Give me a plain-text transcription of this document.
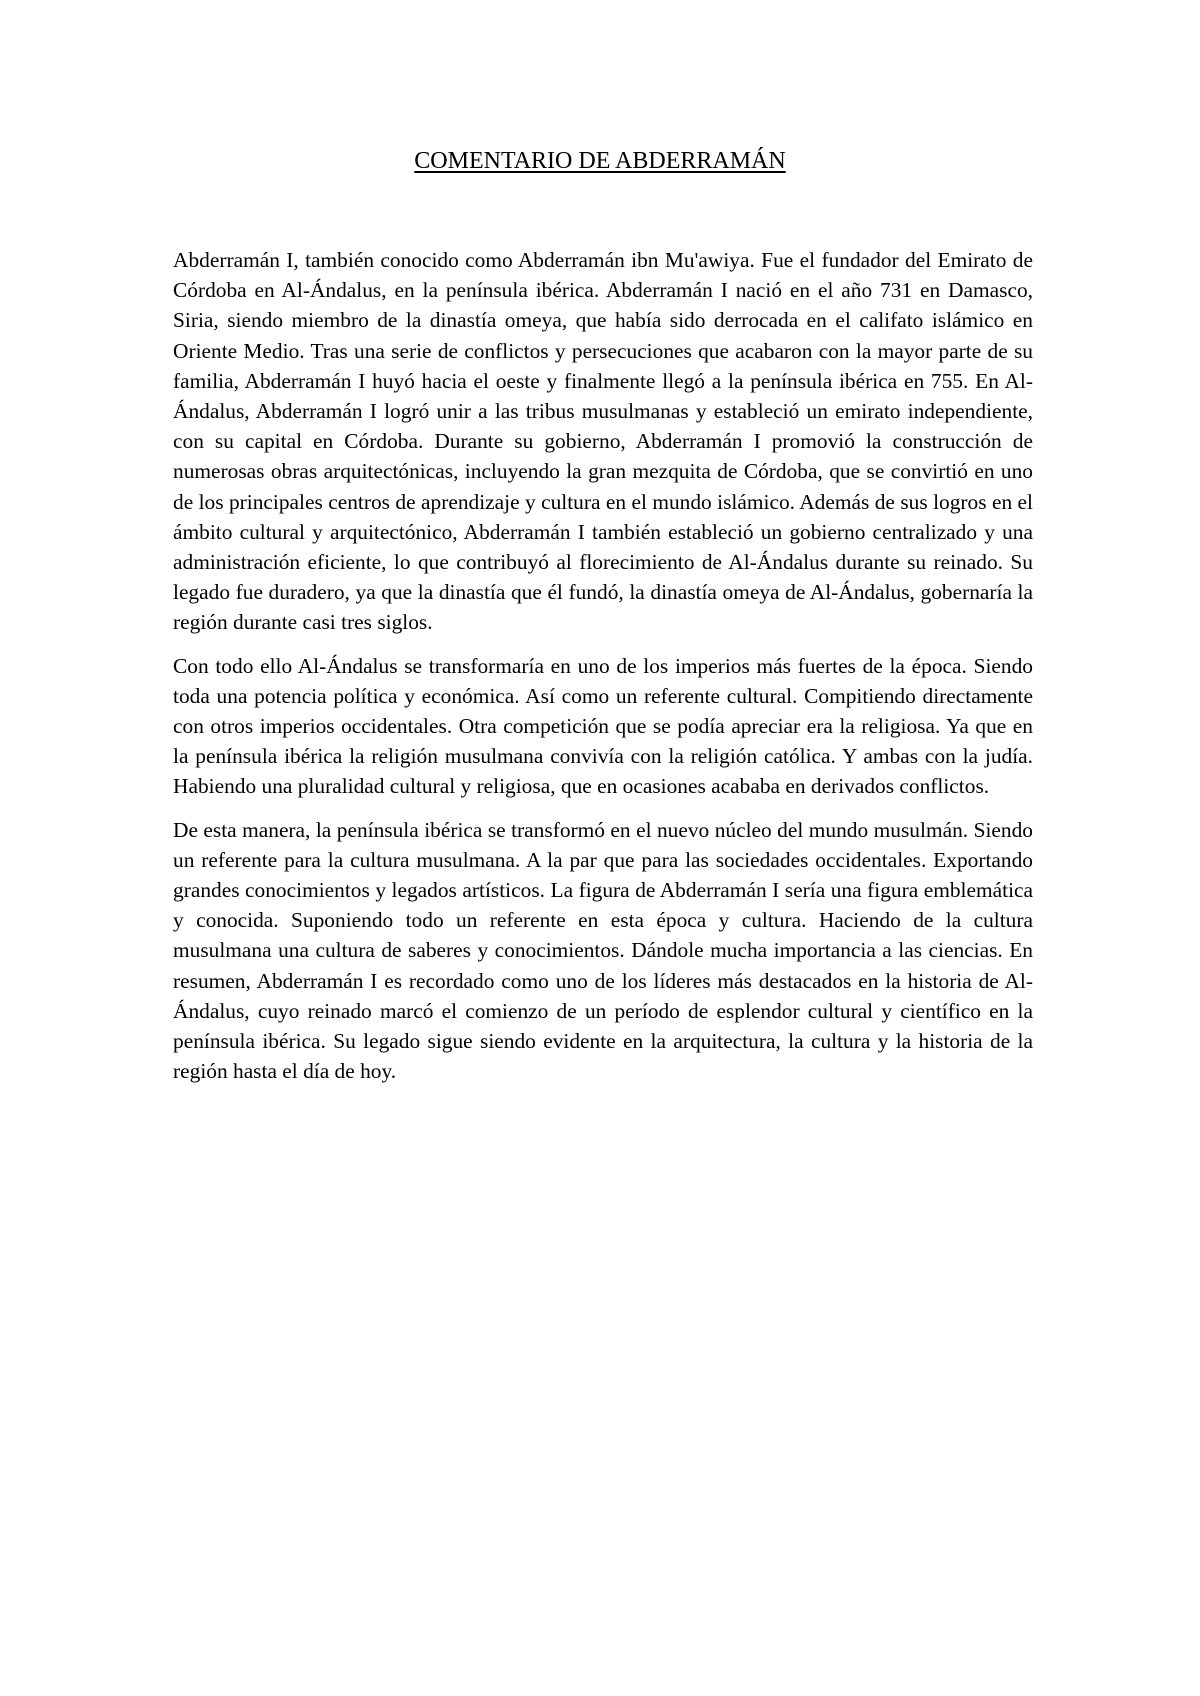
COMENTARIO DE ABDERRAMÁN

Abderramán I, también conocido como Abderramán ibn Mu'awiya. Fue el fundador del Emirato de Córdoba en Al-Ándalus, en la península ibérica. Abderramán I nació en el año 731 en Damasco, Siria, siendo miembro de la dinastía omeya, que había sido derrocada en el califato islámico en Oriente Medio. Tras una serie de conflictos y persecuciones que acabaron con la mayor parte de su familia, Abderramán I huyó hacia el oeste y finalmente llegó a la península ibérica en 755. En Al-Ándalus, Abderramán I logró unir a las tribus musulmanas y estableció un emirato independiente, con su capital en Córdoba. Durante su gobierno, Abderramán I promovió la construcción de numerosas obras arquitectónicas, incluyendo la gran mezquita de Córdoba, que se convirtió en uno de los principales centros de aprendizaje y cultura en el mundo islámico. Además de sus logros en el ámbito cultural y arquitectónico, Abderramán I también estableció un gobierno centralizado y una administración eficiente, lo que contribuyó al florecimiento de Al-Ándalus durante su reinado. Su legado fue duradero, ya que la dinastía que él fundó, la dinastía omeya de Al-Ándalus, gobernaría la región durante casi tres siglos.

Con todo ello Al-Ándalus se transformaría en uno de los imperios más fuertes de la época. Siendo toda una potencia política y económica. Así como un referente cultural. Compitiendo directamente con otros imperios occidentales. Otra competición que se podía apreciar era la religiosa. Ya que en la península ibérica la religión musulmana convivía con la religión católica. Y ambas con la judía. Habiendo una pluralidad cultural y religiosa, que en ocasiones acababa en derivados conflictos.

De esta manera, la península ibérica se transformó en el nuevo núcleo del mundo musulmán. Siendo un referente para la cultura musulmana. A la par que para las sociedades occidentales. Exportando grandes conocimientos y legados artísticos. La figura de Abderramán I sería una figura emblemática y conocida. Suponiendo todo un referente en esta época y cultura. Haciendo de la cultura musulmana una cultura de saberes y conocimientos. Dándole mucha importancia a las ciencias. En resumen, Abderramán I es recordado como uno de los líderes más destacados en la historia de Al-Ándalus, cuyo reinado marcó el comienzo de un período de esplendor cultural y científico en la península ibérica. Su legado sigue siendo evidente en la arquitectura, la cultura y la historia de la región hasta el día de hoy.
